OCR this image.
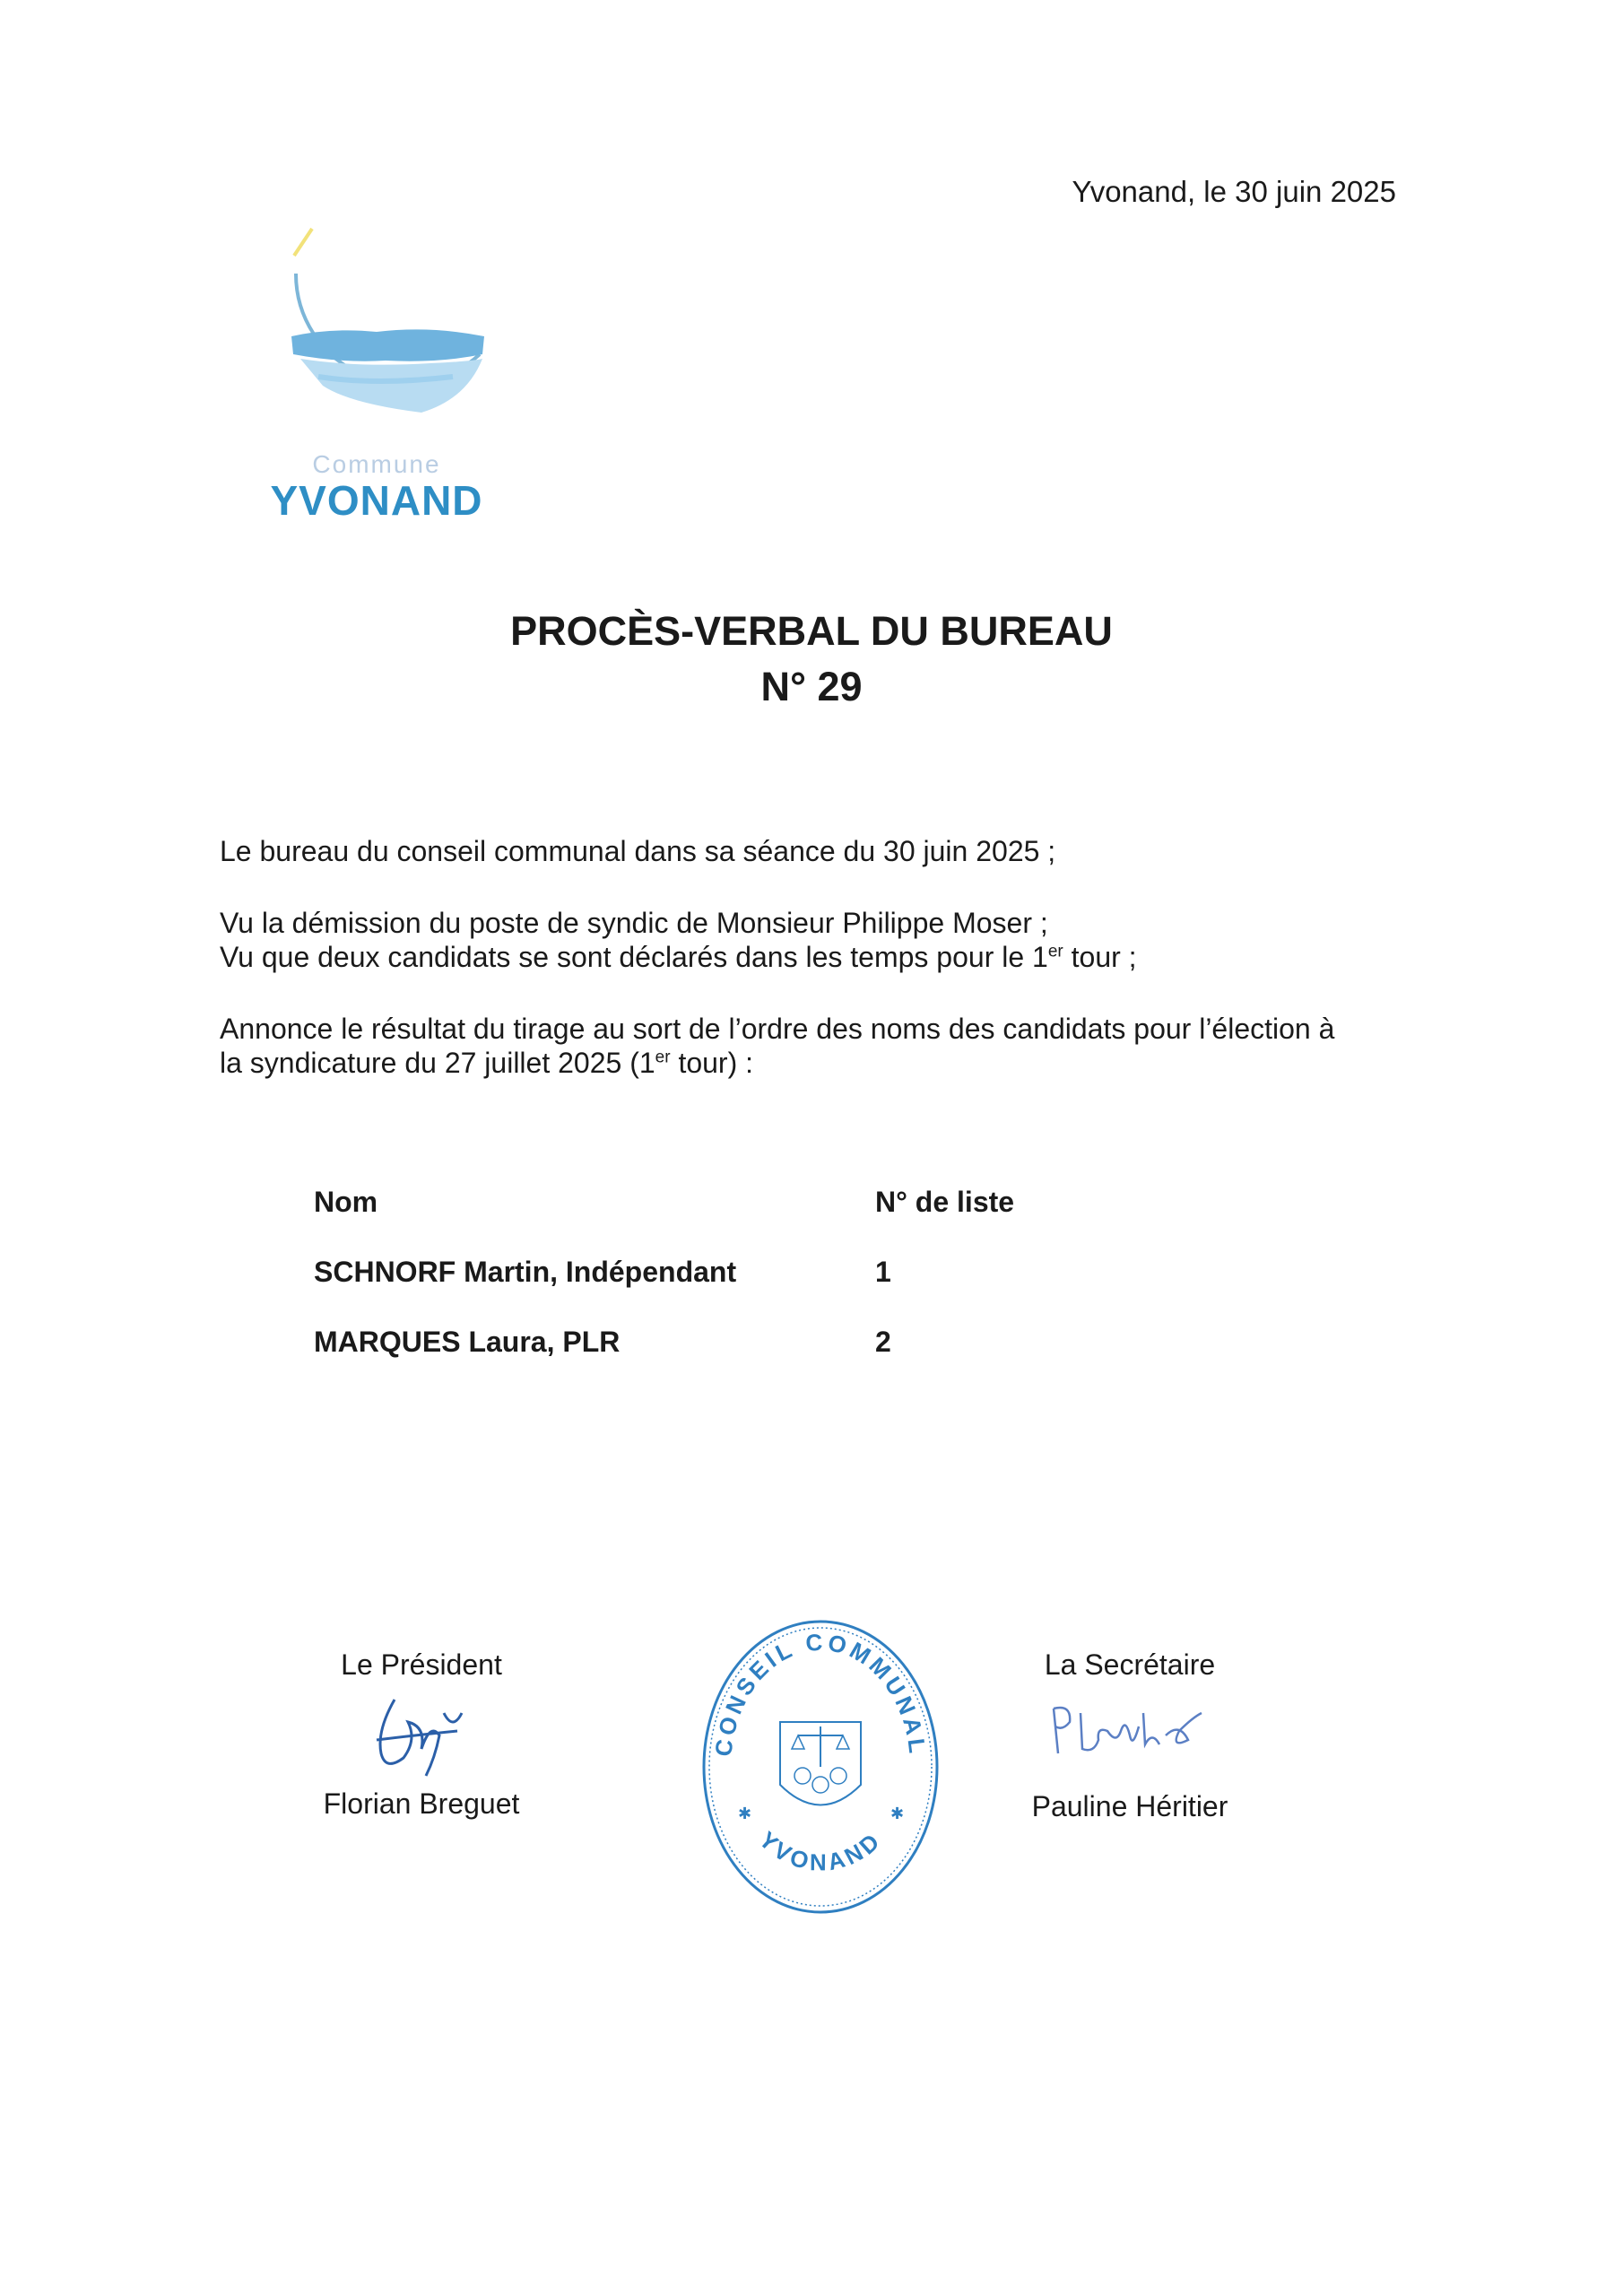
Yvonand, le 30 juin 2025
Commune
YVONAND
PROCÈS-VERBAL DU BUREAU
N° 29

Le bureau du conseil communal dans sa séance du 30 juin 2025 ;

Vu la démission du poste de syndic de Monsieur Philippe Moser ;

Vu que deux candidats se sont déclarés dans les temps pour le 1er tour ;

Annonce le résultat du tirage au sort de l’ordre des noms des candidats pour l’élection à

la syndicature du 27 juillet 2025 (1er tour) :

Nom	N° de liste
SCHNORF Martin, Indépendant	1
MARQUES Laura, PLR	2
Le Président
Florian Breguet
CONSEIL COMMUNAL
YVONAND
✱	✱
La Secrétaire
Pauline Héritier
